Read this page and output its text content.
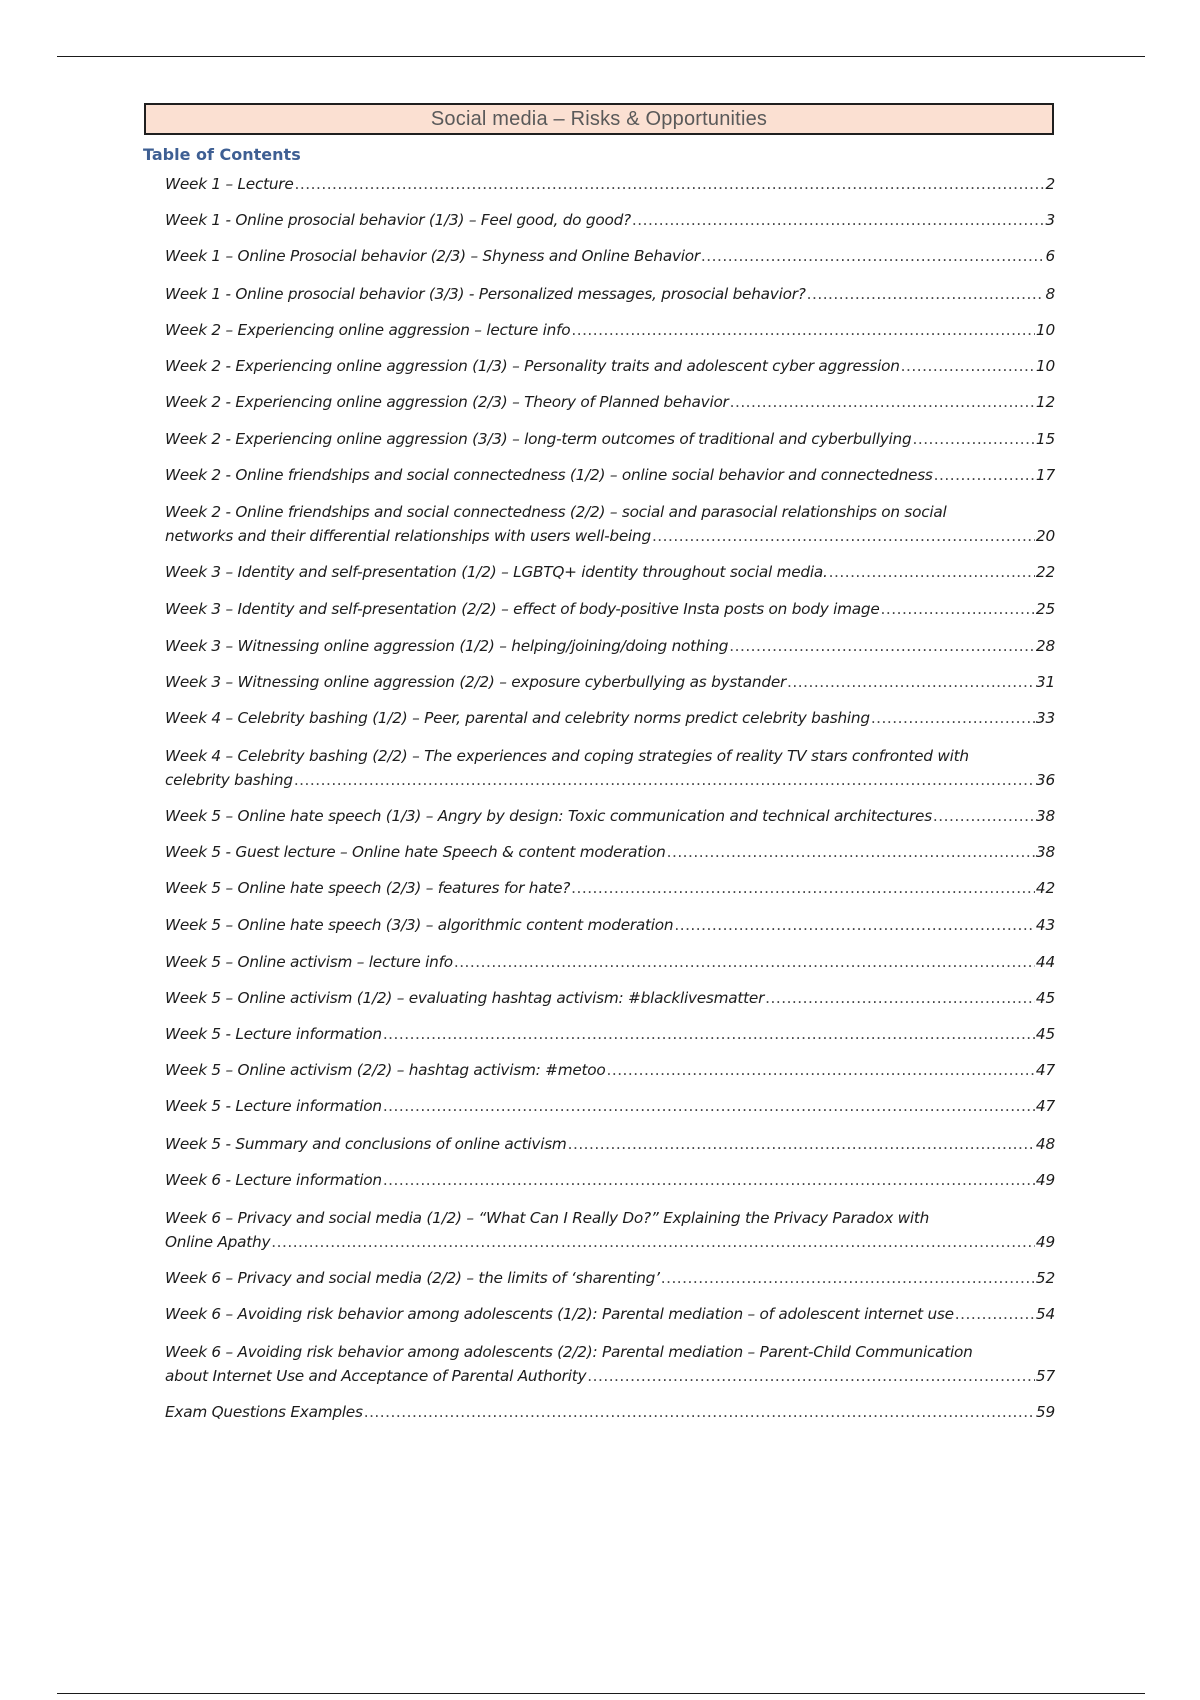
Social media – Risks & Opportunities
Table of Contents
Week 1 – Lecture .....	2
Week 1 - Online prosocial behavior (1/3) – Feel good, do good? .....	3
Week 1 – Online Prosocial behavior (2/3) – Shyness and Online Behavior .....	6
Week 1 - Online prosocial behavior (3/3) - Personalized messages, prosocial behavior? .....	8
Week 2 – Experiencing online aggression – lecture info .....	10
Week 2 - Experiencing online aggression (1/3) – Personality traits and adolescent cyber aggression .....	10
Week 2 - Experiencing online aggression (2/3) – Theory of Planned behavior .....	12
Week 2 - Experiencing online aggression (3/3) – long-term outcomes of traditional and cyberbullying .....	15
Week 2 - Online friendships and social connectedness (1/2) – online social behavior and connectedness .....	17
Week 2 - Online friendships and social connectedness (2/2) – social and parasocial relationships on social
networks and their differential relationships with users well-being .....	20
Week 3 – Identity and self-presentation (1/2) – LGBTQ+ identity throughout social media. .....	22
Week 3 – Identity and self-presentation (2/2) – effect of body-positive Insta posts on body image .....	25
Week 3 – Witnessing online aggression (1/2) – helping/joining/doing nothing .....	28
Week 3 – Witnessing online aggression (2/2) – exposure cyberbullying as bystander .....	31
Week 4 – Celebrity bashing (1/2) – Peer, parental and celebrity norms predict celebrity bashing .....	33
Week 4 – Celebrity bashing (2/2) – The experiences and coping strategies of reality TV stars confronted with
celebrity bashing .....	36
Week 5 – Online hate speech (1/3) – Angry by design: Toxic communication and technical architectures .....	38
Week 5 - Guest lecture – Online hate Speech & content moderation .....	38
Week 5 – Online hate speech (2/3) – features for hate? .....	42
Week 5 – Online hate speech (3/3) – algorithmic content moderation .....	43
Week 5 – Online activism – lecture info .....	44
Week 5 – Online activism (1/2) – evaluating hashtag activism: #blacklivesmatter .....	45
Week 5 - Lecture information .....	45
Week 5 – Online activism (2/2) – hashtag activism: #metoo .....	47
Week 5 - Lecture information .....	47
Week 5 - Summary and conclusions of online activism .....	48
Week 6 - Lecture information .....	49
Week 6 – Privacy and social media (1/2) – “What Can I Really Do?” Explaining the Privacy Paradox with
Online Apathy .....	49
Week 6 – Privacy and social media (2/2) – the limits of ‘sharenting’ .....	52
Week 6 – Avoiding risk behavior among adolescents (1/2): Parental mediation – of adolescent internet use .....	54
Week 6 – Avoiding risk behavior among adolescents (2/2): Parental mediation – Parent-Child Communication
about Internet Use and Acceptance of Parental Authority .....	57
Exam Questions Examples .....	59
